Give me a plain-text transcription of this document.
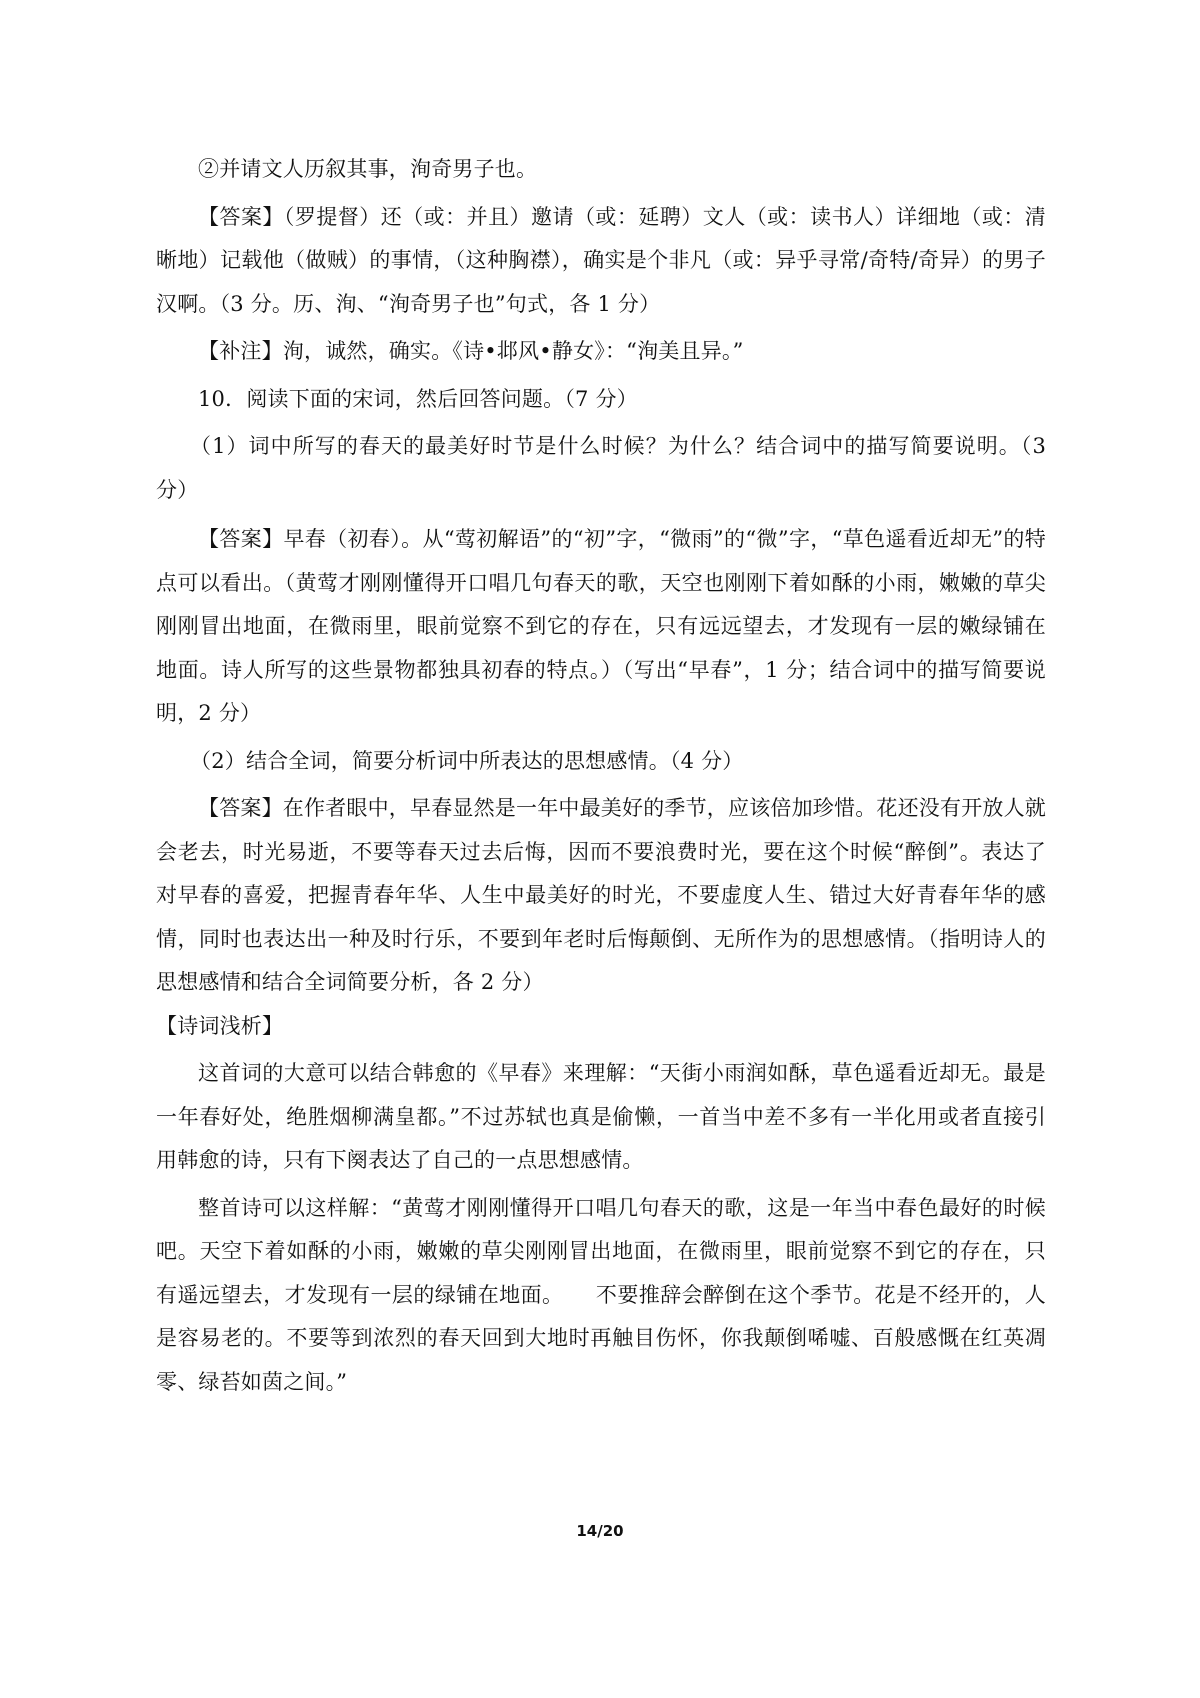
②并请文人历叙其事，洵奇男子也。

【答案】（罗提督）还（或：并且）邀请（或：延聘）文人（或：读书人）详细地（或：清晰地）记载他（做贼）的事情，（这种胸襟），确实是个非凡（或：异乎寻常/奇特/奇异）的男子汉啊。（3 分。历、洵、“洵奇男子也”句式，各 1 分）

【补注】洵，诚然，确实。《诗•邶风•静女》：“洵美且异。”

10．阅读下面的宋词，然后回答问题。（7 分）

（1）词中所写的春天的最美好时节是什么时候？为什么？结合词中的描写简要说明。（3 分）

【答案】早春（初春）。从“莺初解语”的“初”字，“微雨”的“微”字，“草色遥看近却无”的特点可以看出。（黄莺才刚刚懂得开口唱几句春天的歌，天空也刚刚下着如酥的小雨，嫩嫩的草尖刚刚冒出地面，在微雨里，眼前觉察不到它的存在，只有远远望去，才发现有一层的嫩绿铺在地面。诗人所写的这些景物都独具初春的特点。）（写出“早春”，1 分；结合词中的描写简要说明，2 分）

（2）结合全词，简要分析词中所表达的思想感情。（4 分）

【答案】在作者眼中，早春显然是一年中最美好的季节，应该倍加珍惜。花还没有开放人就会老去，时光易逝，不要等春天过去后悔，因而不要浪费时光，要在这个时候“醉倒”。表达了对早春的喜爱，把握青春年华、人生中最美好的时光，不要虚度人生、错过大好青春年华的感情，同时也表达出一种及时行乐，不要到年老时后悔颠倒、无所作为的思想感情。（指明诗人的思想感情和结合全词简要分析，各 2 分）

【诗词浅析】

这首词的大意可以结合韩愈的《早春》来理解：“天街小雨润如酥，草色遥看近却无。最是一年春好处，绝胜烟柳满皇都。”不过苏轼也真是偷懒，一首当中差不多有一半化用或者直接引用韩愈的诗，只有下阕表达了自己的一点思想感情。

整首诗可以这样解：“黄莺才刚刚懂得开口唱几句春天的歌，这是一年当中春色最好的时候吧。天空下着如酥的小雨，嫩嫩的草尖刚刚冒出地面，在微雨里，眼前觉察不到它的存在，只有遥远望去，才发现有一层的绿铺在地面。　　不要推辞会醉倒在这个季节。花是不经开的，人是容易老的。不要等到浓烈的春天回到大地时再触目伤怀，你我颠倒唏嘘、百般感慨在红英凋零、绿苔如茵之间。”

14/20
